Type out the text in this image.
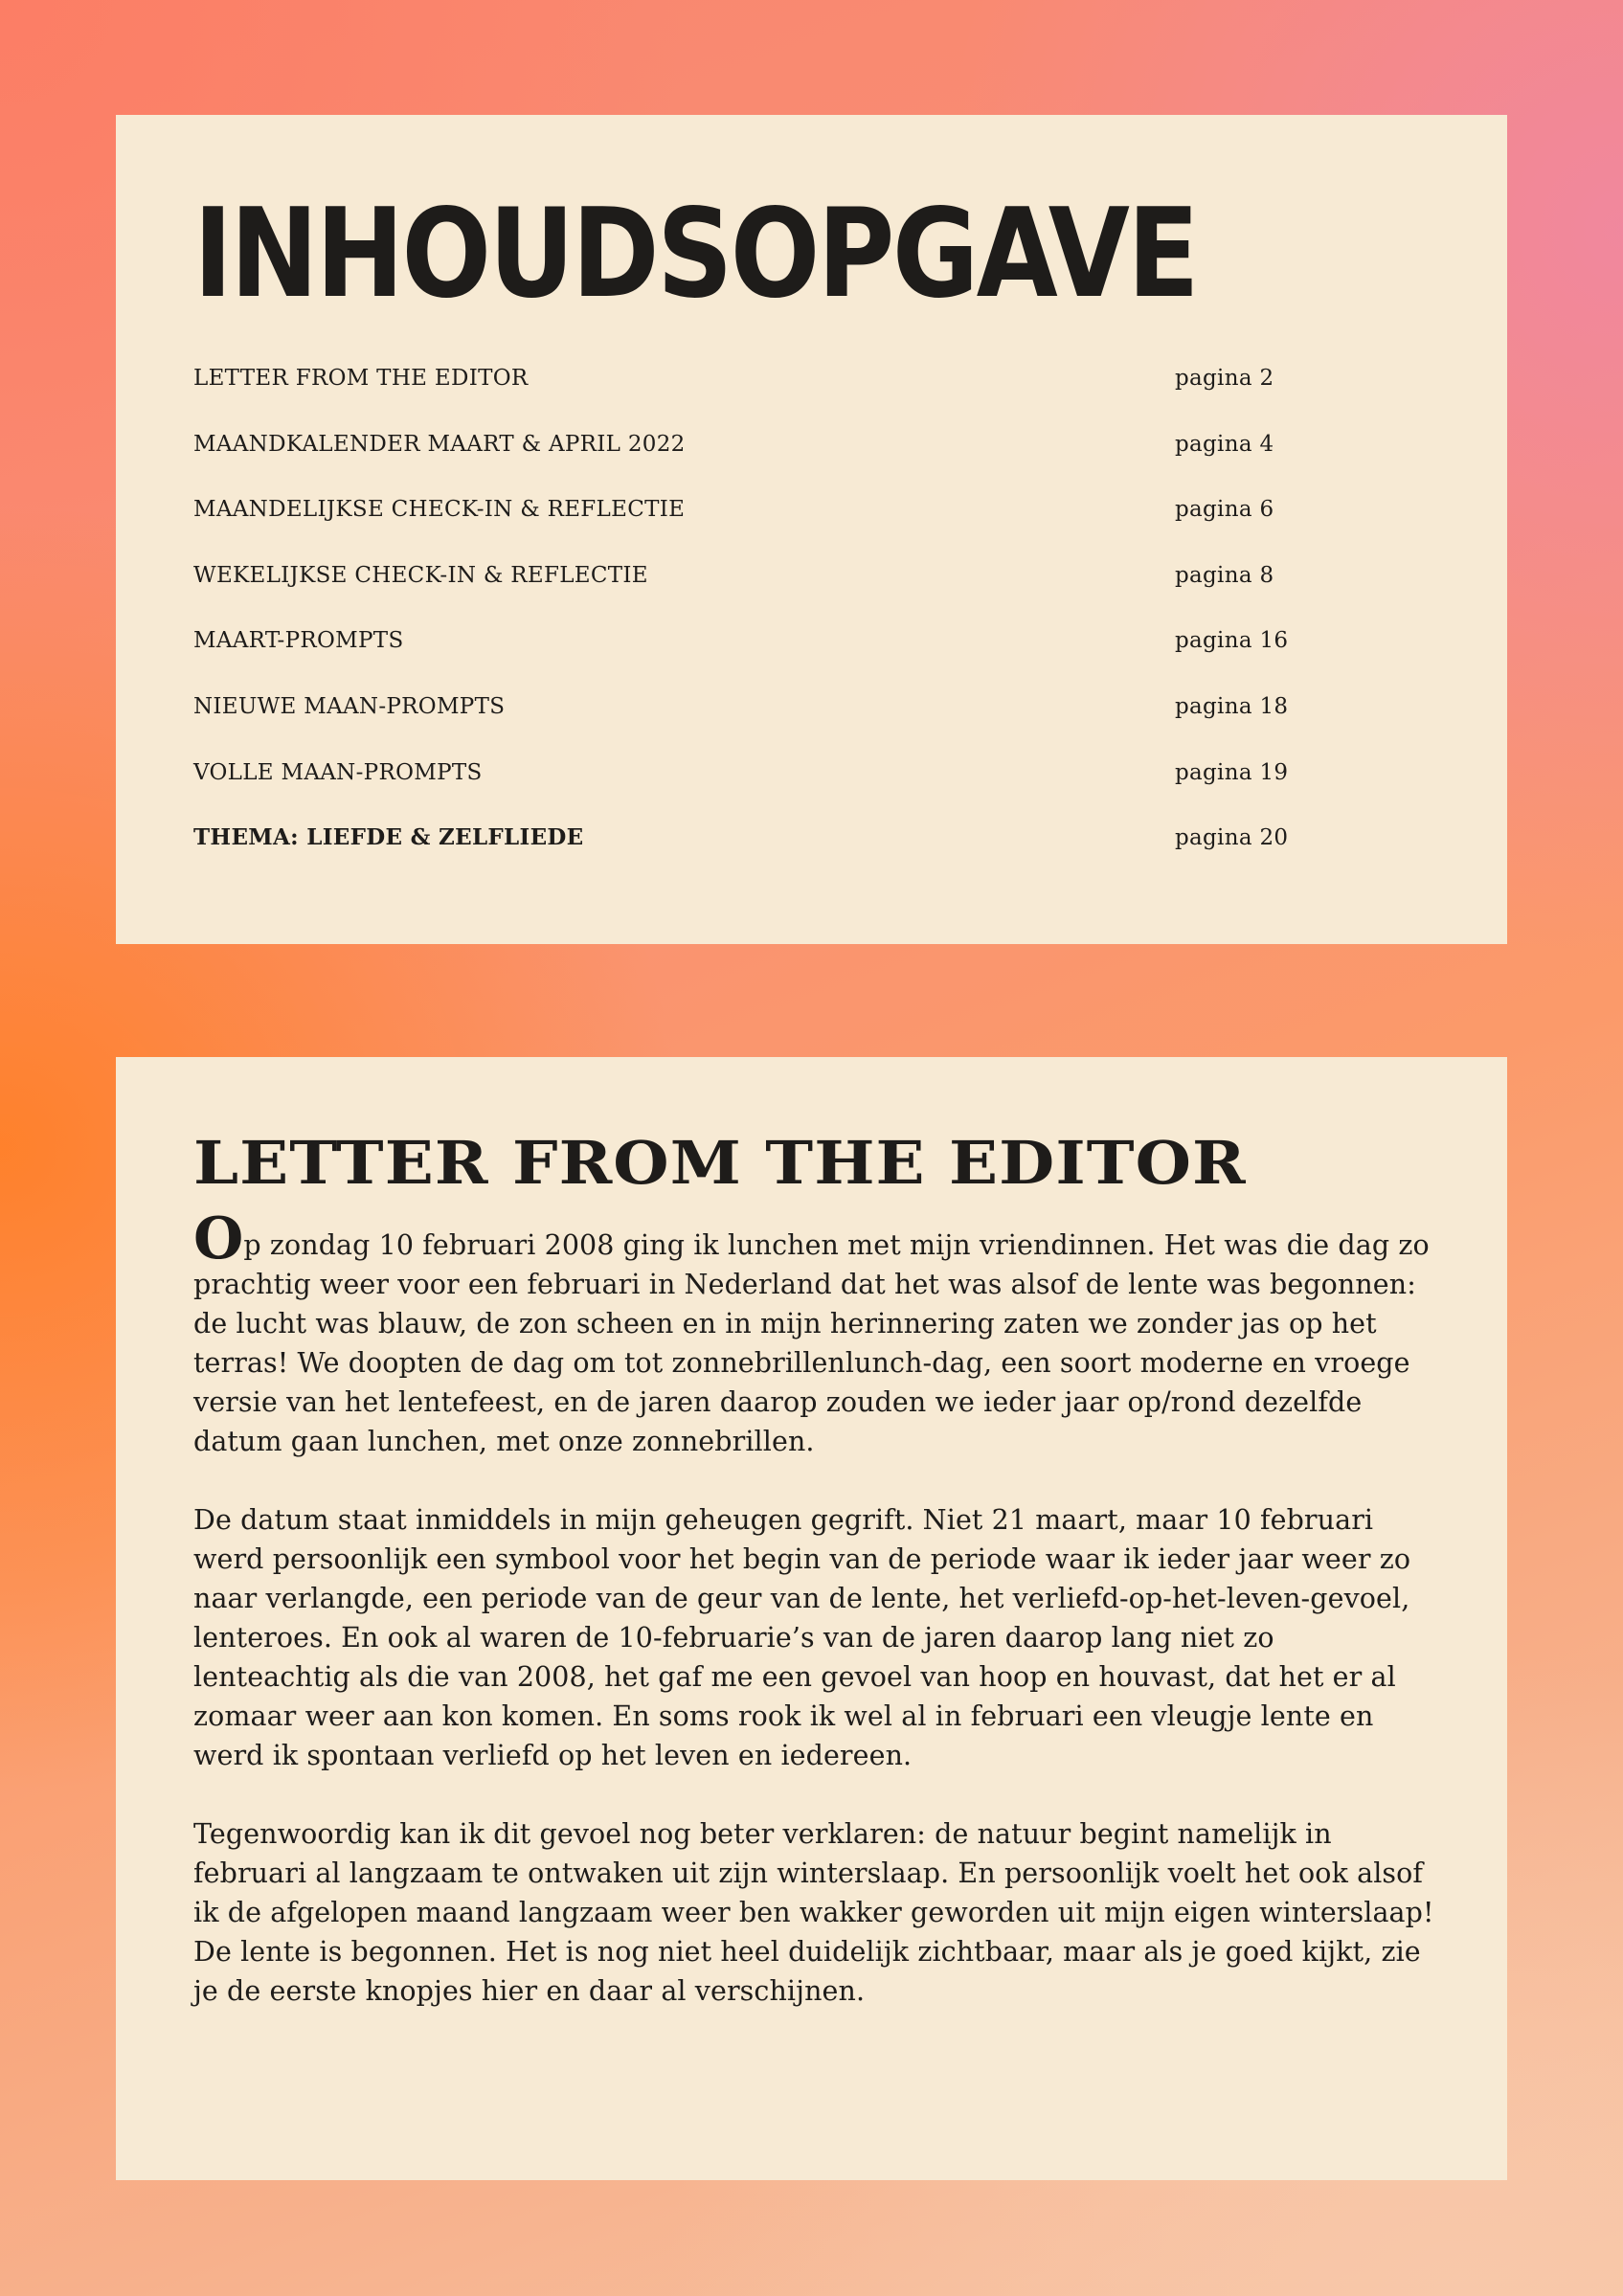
INHOUDSOPGAVE
LETTER FROM THE EDITOR	pagina 2
MAANDKALENDER MAART & APRIL 2022	pagina 4
MAANDELIJKSE CHECK-IN & REFLECTIE	pagina 6
WEKELIJKSE CHECK-IN & REFLECTIE	pagina 8
MAART-PROMPTS	pagina 16
NIEUWE MAAN-PROMPTS	pagina 18
VOLLE MAAN-PROMPTS	pagina 19
THEMA: LIEFDE & ZELFLIEDE	pagina 20
LETTER FROM THE EDITOR

Op zondag 10 februari 2008 ging ik lunchen met mijn vriendinnen. Het was die dag zo prachtig weer voor een februari in Nederland dat het was alsof de lente was begonnen: de lucht was blauw, de zon scheen en in mijn herinnering zaten we zonder jas op het terras! We doopten de dag om tot zonnebrillenlunch-dag, een soort moderne en vroege versie van het lentefeest, en de jaren daarop zouden we ieder jaar op/rond dezelfde datum gaan lunchen, met onze zonnebrillen.

De datum staat inmiddels in mijn geheugen gegrift. Niet 21 maart, maar 10 februari werd persoonlijk een symbool voor het begin van de periode waar ik ieder jaar weer zo naar verlangde, een periode van de geur van de lente, het verliefd-op-het-leven-gevoel, lenteroes. En ook al waren de 10-februarie’s van de jaren daarop lang niet zo lenteachtig als die van 2008, het gaf me een gevoel van hoop en houvast, dat het er al zomaar weer aan kon komen. En soms rook ik wel al in februari een vleugje lente en werd ik spontaan verliefd op het leven en iedereen.

Tegenwoordig kan ik dit gevoel nog beter verklaren: de natuur begint namelijk in februari al langzaam te ontwaken uit zijn winterslaap. En persoonlijk voelt het ook alsof ik de afgelopen maand langzaam weer ben wakker geworden uit mijn eigen winterslaap! De lente is begonnen. Het is nog niet heel duidelijk zichtbaar, maar als je goed kijkt, zie je de eerste knopjes hier en daar al verschijnen.
